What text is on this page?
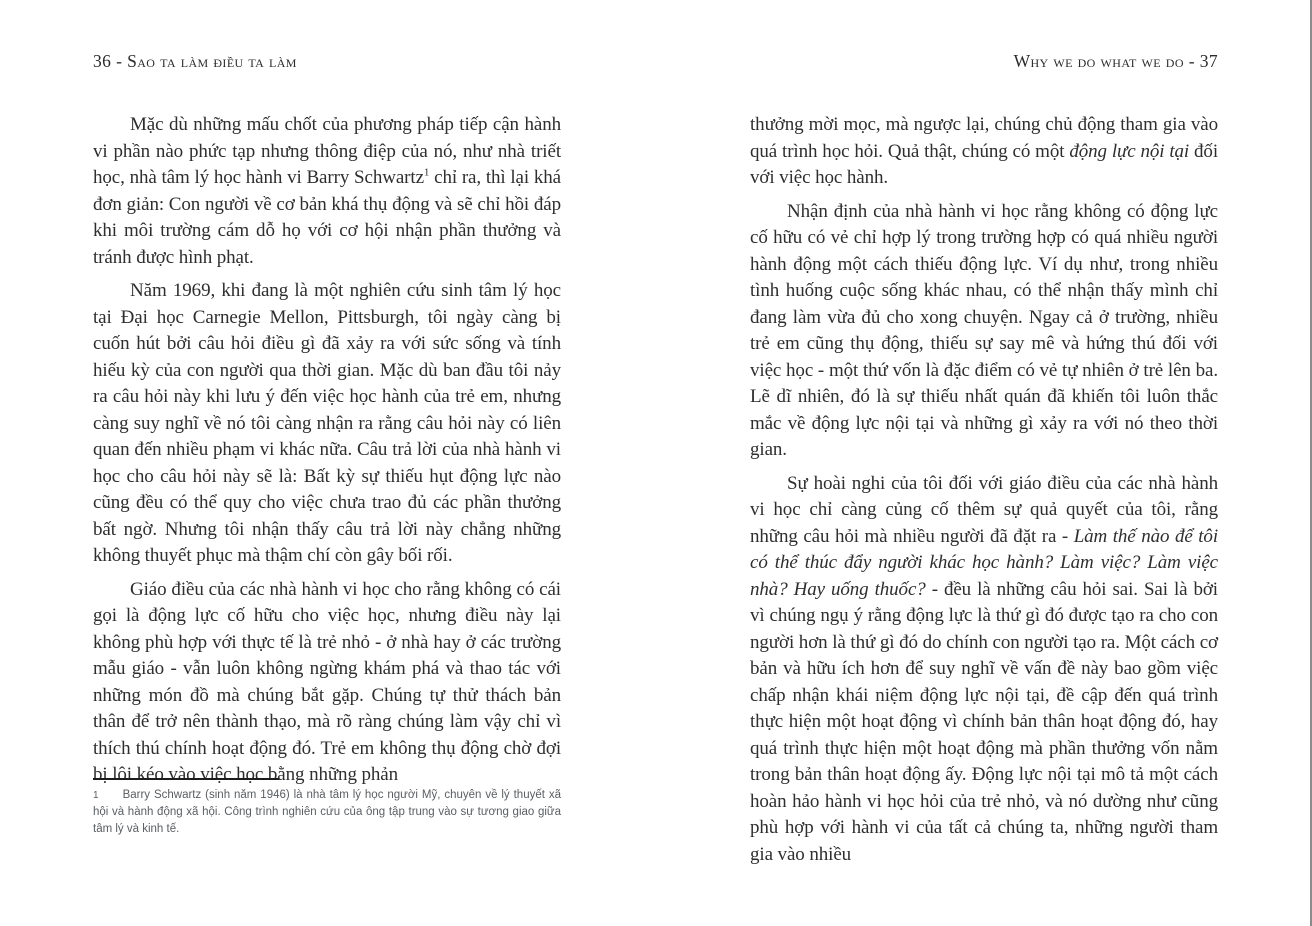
36 - Sao ta làm điều ta làm

Mặc dù những mấu chốt của phương pháp tiếp cận hành vi phần nào phức tạp nhưng thông điệp của nó, như nhà triết học, nhà tâm lý học hành vi Barry Schwartz$^1$ chỉ ra, thì lại khá đơn giản: Con người về cơ bản khá thụ động và sẽ chỉ hồi đáp khi môi trường cám dỗ họ với cơ hội nhận phần thưởng và tránh được hình phạt.

Năm 1969, khi đang là một nghiên cứu sinh tâm lý học tại Đại học Carnegie Mellon, Pittsburgh, tôi ngày càng bị cuốn hút bởi câu hỏi điều gì đã xảy ra với sức sống và tính hiếu kỳ của con người qua thời gian. Mặc dù ban đầu tôi nảy ra câu hỏi này khi lưu ý đến việc học hành của trẻ em, nhưng càng suy nghĩ về nó tôi càng nhận ra rằng câu hỏi này có liên quan đến nhiều phạm vi khác nữa. Câu trả lời của nhà hành vi học cho câu hỏi này sẽ là: Bất kỳ sự thiếu hụt động lực nào cũng đều có thể quy cho việc chưa trao đủ các phần thưởng bất ngờ. Nhưng tôi nhận thấy câu trả lời này chẳng những không thuyết phục mà thậm chí còn gây bối rối.

Giáo điều của các nhà hành vi học cho rằng không có cái gọi là động lực cố hữu cho việc học, nhưng điều này lại không phù hợp với thực tế là trẻ nhỏ - ở nhà hay ở các trường mẫu giáo - vẫn luôn không ngừng khám phá và thao tác với những món đồ mà chúng bắt gặp. Chúng tự thử thách bản thân để trở nên thành thạo, mà rõ ràng chúng làm vậy chỉ vì thích thú chính hoạt động đó. Trẻ em không thụ động chờ đợi bị lôi kéo vào việc học bằng những phản

1 Barry Schwartz (sinh năm 1946) là nhà tâm lý học người Mỹ, chuyên về lý thuyết xã hội và hành động xã hội. Công trình nghiên cứu của ông tập trung vào sự tương giao giữa tâm lý và kinh tế.
Why we do what we do - 37

thưởng mời mọc, mà ngược lại, chúng chủ động tham gia vào quá trình học hỏi. Quả thật, chúng có một động lực nội tại đối với việc học hành.

Nhận định của nhà hành vi học rằng không có động lực cố hữu có vẻ chỉ hợp lý trong trường hợp có quá nhiều người hành động một cách thiếu động lực. Ví dụ như, trong nhiều tình huống cuộc sống khác nhau, có thể nhận thấy mình chỉ đang làm vừa đủ cho xong chuyện. Ngay cả ở trường, nhiều trẻ em cũng thụ động, thiếu sự say mê và hứng thú đối với việc học - một thứ vốn là đặc điểm có vẻ tự nhiên ở trẻ lên ba. Lẽ dĩ nhiên, đó là sự thiếu nhất quán đã khiến tôi luôn thắc mắc về động lực nội tại và những gì xảy ra với nó theo thời gian.

Sự hoài nghi của tôi đối với giáo điều của các nhà hành vi học chỉ càng củng cố thêm sự quả quyết của tôi, rằng những câu hỏi mà nhiều người đã đặt ra - Làm thế nào để tôi có thể thúc đẩy người khác học hành? Làm việc? Làm việc nhà? Hay uống thuốc? - đều là những câu hỏi sai. Sai là bởi vì chúng ngụ ý rằng động lực là thứ gì đó được tạo ra cho con người hơn là thứ gì đó do chính con người tạo ra. Một cách cơ bản và hữu ích hơn để suy nghĩ về vấn đề này bao gồm việc chấp nhận khái niệm động lực nội tại, đề cập đến quá trình thực hiện một hoạt động vì chính bản thân hoạt động đó, hay quá trình thực hiện một hoạt động mà phần thưởng vốn nằm trong bản thân hoạt động ấy. Động lực nội tại mô tả một cách hoàn hảo hành vi học hỏi của trẻ nhỏ, và nó dường như cũng phù hợp với hành vi của tất cả chúng ta, những người tham gia vào nhiều
